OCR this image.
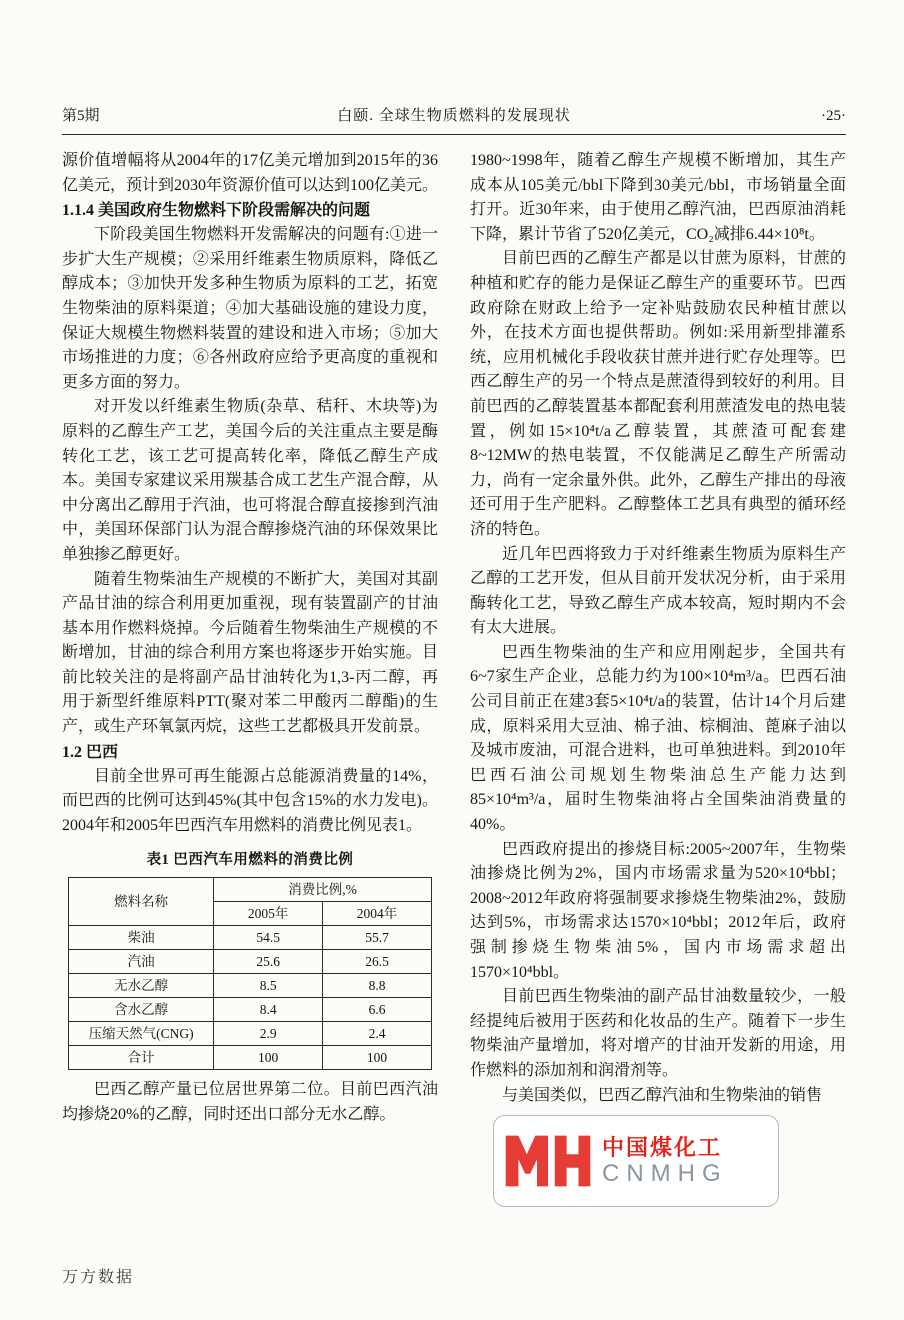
第5期	白颐. 全球生物质燃料的发展现状	·25·

源价值增幅将从2004年的17亿美元增加到2015年的36亿美元，预计到2030年资源价值可以达到100亿美元。

1.1.4 美国政府生物燃料下阶段需解决的问题

下阶段美国生物燃料开发需解决的问题有:①进一步扩大生产规模；②采用纤维素生物质原料，降低乙醇成本；③加快开发多种生物质为原料的工艺，拓宽生物柴油的原料渠道；④加大基础设施的建设力度，保证大规模生物燃料装置的建设和进入市场；⑤加大市场推进的力度；⑥各州政府应给予更高度的重视和更多方面的努力。

对开发以纤维素生物质(杂草、秸秆、木块等)为原料的乙醇生产工艺，美国今后的关注重点主要是酶转化工艺，该工艺可提高转化率，降低乙醇生产成本。美国专家建议采用羰基合成工艺生产混合醇，从中分离出乙醇用于汽油，也可将混合醇直接掺到汽油中，美国环保部门认为混合醇掺烧汽油的环保效果比单独掺乙醇更好。

随着生物柴油生产规模的不断扩大，美国对其副产品甘油的综合利用更加重视，现有装置副产的甘油基本用作燃料烧掉。今后随着生物柴油生产规模的不断增加，甘油的综合利用方案也将逐步开始实施。目前比较关注的是将副产品甘油转化为1,3-丙二醇，再用于新型纤维原料PTT(聚对苯二甲酸丙二醇酯)的生产，或生产环氧氯丙烷，这些工艺都极具开发前景。

1.2 巴西

目前全世界可再生能源占总能源消费量的14%，而巴西的比例可达到45%(其中包含15%的水力发电)。2004年和2005年巴西汽车用燃料的消费比例见表1。

表1 巴西汽车用燃料的消费比例
燃料名称	消费比例,%	
	2005年	2004年
柴油	54.5	55.7
汽油	25.6	26.5
无水乙醇	8.5	8.8
含水乙醇	8.4	6.6
压缩天然气(CNG)	2.9	2.4
合计	100	100

巴西乙醇产量已位居世界第二位。目前巴西汽油均掺烧20%的乙醇，同时还出口部分无水乙醇。

1980~1998年，随着乙醇生产规模不断增加，其生产成本从105美元/bbl下降到30美元/bbl，市场销量全面打开。近30年来，由于使用乙醇汽油，巴西原油消耗下降，累计节省了520亿美元，CO₂减排6.44×10⁸t。

目前巴西的乙醇生产都是以甘蔗为原料，甘蔗的种植和贮存的能力是保证乙醇生产的重要环节。巴西政府除在财政上给予一定补贴鼓励农民种植甘蔗以外，在技术方面也提供帮助。例如:采用新型排灌系统，应用机械化手段收获甘蔗并进行贮存处理等。巴西乙醇生产的另一个特点是蔗渣得到较好的利用。目前巴西的乙醇装置基本都配套利用蔗渣发电的热电装置，例如15×10⁴t/a乙醇装置，其蔗渣可配套建8~12MW的热电装置，不仅能满足乙醇生产所需动力，尚有一定余量外供。此外，乙醇生产排出的母液还可用于生产肥料。乙醇整体工艺具有典型的循环经济的特色。

近几年巴西将致力于对纤维素生物质为原料生产乙醇的工艺开发，但从目前开发状况分析，由于采用酶转化工艺，导致乙醇生产成本较高，短时期内不会有太大进展。

巴西生物柴油的生产和应用刚起步，全国共有6~7家生产企业，总能力约为100×10⁴m³/a。巴西石油公司目前正在建3套5×10⁴t/a的装置，估计14个月后建成，原料采用大豆油、棉子油、棕榈油、蓖麻子油以及城市废油，可混合进料，也可单独进料。到2010年巴西石油公司规划生物柴油总生产能力达到85×10⁴m³/a，届时生物柴油将占全国柴油消费量的40%。

巴西政府提出的掺烧目标:2005~2007年，生物柴油掺烧比例为2%，国内市场需求量为520×10⁴bbl；2008~2012年政府将强制要求掺烧生物柴油2%，鼓励达到5%，市场需求达1570×10⁴bbl；2012年后，政府强制掺烧生物柴油5%，国内市场需求超出1570×10⁴bbl。

目前巴西生物柴油的副产品甘油数量较少，一般经提纯后被用于医药和化妆品的生产。随着下一步生物柴油产量增加，将对增产的甘油开发新的用途，用作燃料的添加剂和润滑剂等。

与美国类似，巴西乙醇汽油和生物柴油的销售

中国煤化工
CNMHG
万方数据
